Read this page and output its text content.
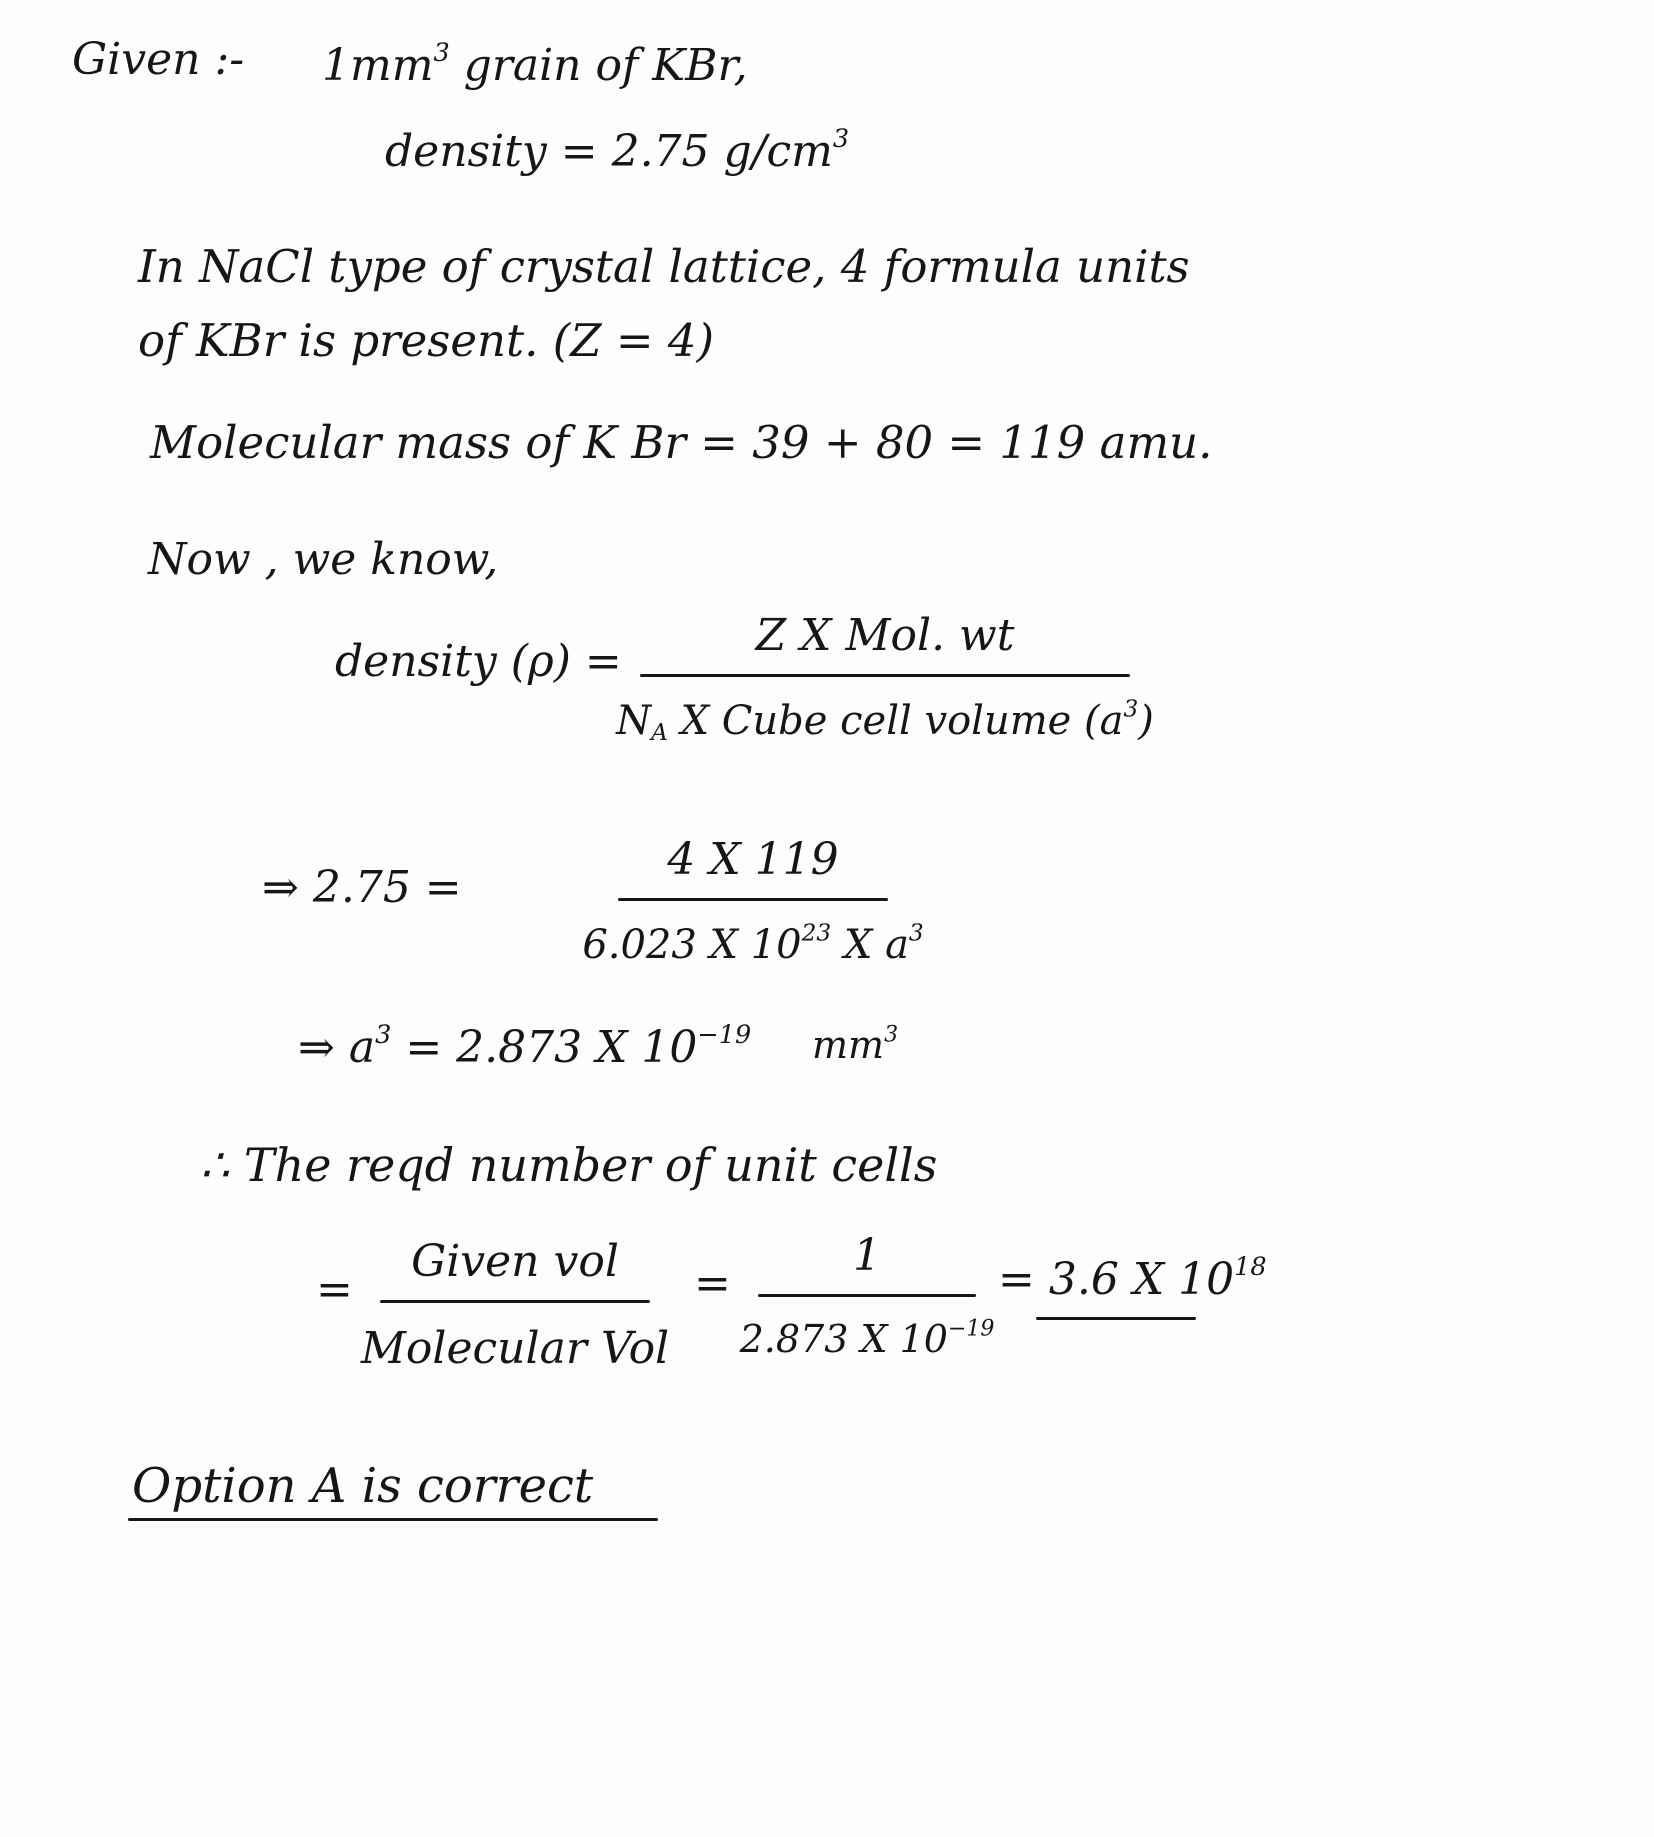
Given :- $1mm^3$ grain of KBr,
density = 2.75 $g/cm^3$
In NaCl type of crystal lattice, 4 formula units
of KBr is present. (Z = 4)
Molecular mass of K Br = 39 + 80 = 119 amu.
Now , we know,
density (ρ) =
Z X Mol. wt
$N_A$ X Cube cell volume $(a^3)$
⇒ 2.75 =
4 X 119
6.023 X $10^{23}$ X $a^3$
⇒ $a^3 = 2.873$ X $10^{-19}$ $mm^3$
∴ The reqd number of unit cells
=
Given vol
Molecular Vol
=
1
2.873 X $10^{-19}$
= 3.6 X $10^{18}$
Option A is correct
